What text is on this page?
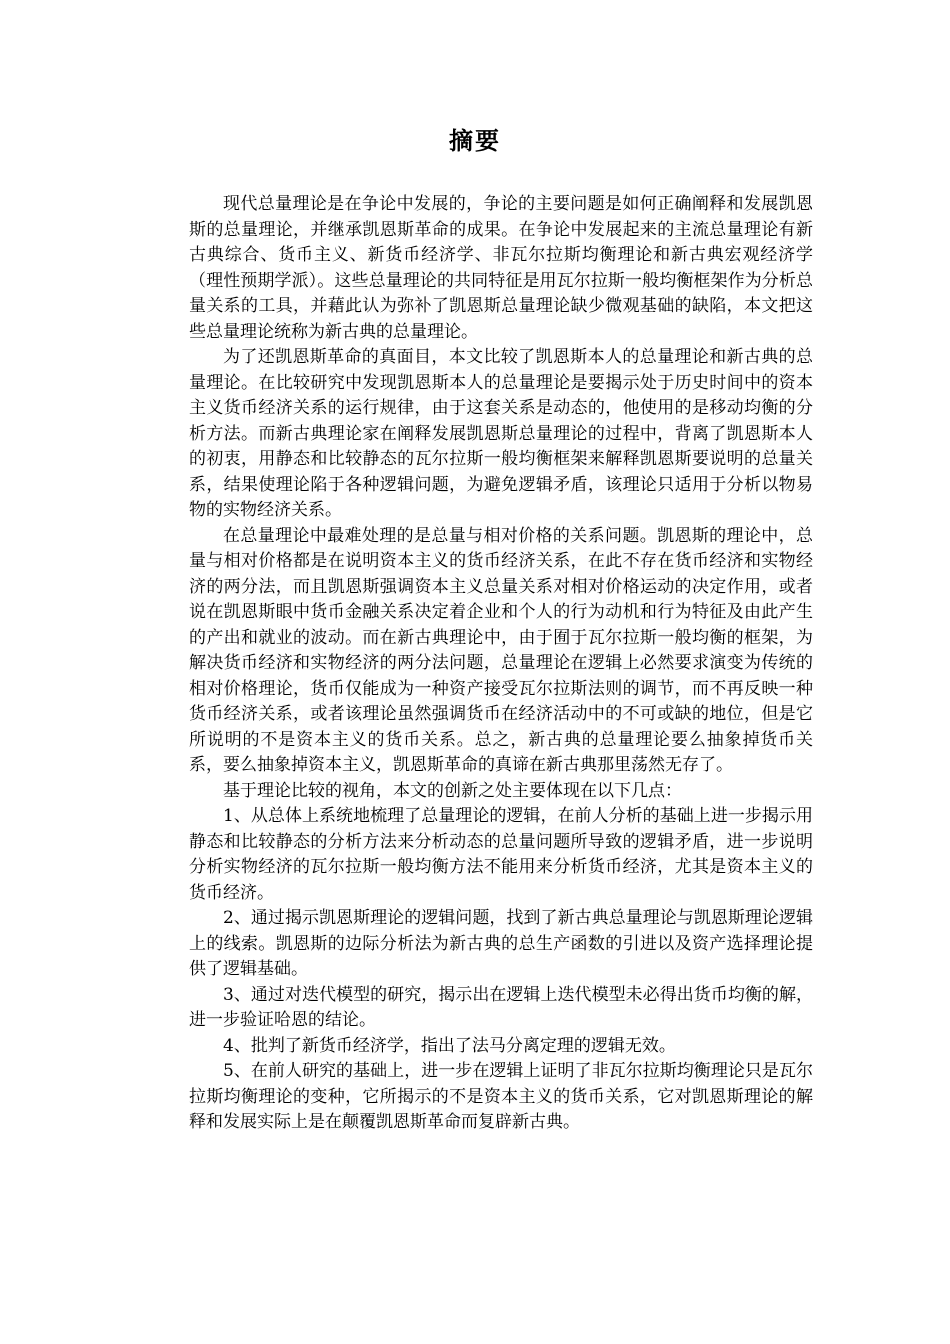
摘要

现代总量理论是在争论中发展的，争论的主要问题是如何正确阐释和发展凯恩斯的总量理论，并继承凯恩斯革命的成果。在争论中发展起来的主流总量理论有新古典综合、货币主义、新货币经济学、非瓦尔拉斯均衡理论和新古典宏观经济学（理性预期学派）。这些总量理论的共同特征是用瓦尔拉斯一般均衡框架作为分析总量关系的工具，并藉此认为弥补了凯恩斯总量理论缺少微观基础的缺陷，本文把这些总量理论统称为新古典的总量理论。

为了还凯恩斯革命的真面目，本文比较了凯恩斯本人的总量理论和新古典的总量理论。在比较研究中发现凯恩斯本人的总量理论是要揭示处于历史时间中的资本主义货币经济关系的运行规律，由于这套关系是动态的，他使用的是移动均衡的分析方法。而新古典理论家在阐释发展凯恩斯总量理论的过程中，背离了凯恩斯本人的初衷，用静态和比较静态的瓦尔拉斯一般均衡框架来解释凯恩斯要说明的总量关系，结果使理论陷于各种逻辑问题，为避免逻辑矛盾，该理论只适用于分析以物易物的实物经济关系。

在总量理论中最难处理的是总量与相对价格的关系问题。凯恩斯的理论中，总量与相对价格都是在说明资本主义的货币经济关系，在此不存在货币经济和实物经济的两分法，而且凯恩斯强调资本主义总量关系对相对价格运动的决定作用，或者说在凯恩斯眼中货币金融关系决定着企业和个人的行为动机和行为特征及由此产生的产出和就业的波动。而在新古典理论中，由于囿于瓦尔拉斯一般均衡的框架，为解决货币经济和实物经济的两分法问题，总量理论在逻辑上必然要求演变为传统的相对价格理论，货币仅能成为一种资产接受瓦尔拉斯法则的调节，而不再反映一种货币经济关系，或者该理论虽然强调货币在经济活动中的不可或缺的地位，但是它所说明的不是资本主义的货币关系。总之，新古典的总量理论要么抽象掉货币关系，要么抽象掉资本主义，凯恩斯革命的真谛在新古典那里荡然无存了。

基于理论比较的视角，本文的创新之处主要体现在以下几点：

1、从总体上系统地梳理了总量理论的逻辑，在前人分析的基础上进一步揭示用静态和比较静态的分析方法来分析动态的总量问题所导致的逻辑矛盾，进一步说明分析实物经济的瓦尔拉斯一般均衡方法不能用来分析货币经济，尤其是资本主义的货币经济。

2、通过揭示凯恩斯理论的逻辑问题，找到了新古典总量理论与凯恩斯理论逻辑上的线索。凯恩斯的边际分析法为新古典的总生产函数的引进以及资产选择理论提供了逻辑基础。

3、通过对迭代模型的研究，揭示出在逻辑上迭代模型未必得出货币均衡的解，进一步验证哈恩的结论。

4、批判了新货币经济学，指出了法马分离定理的逻辑无效。

5、在前人研究的基础上，进一步在逻辑上证明了非瓦尔拉斯均衡理论只是瓦尔拉斯均衡理论的变种，它所揭示的不是资本主义的货币关系，它对凯恩斯理论的解释和发展实际上是在颠覆凯恩斯革命而复辟新古典。
